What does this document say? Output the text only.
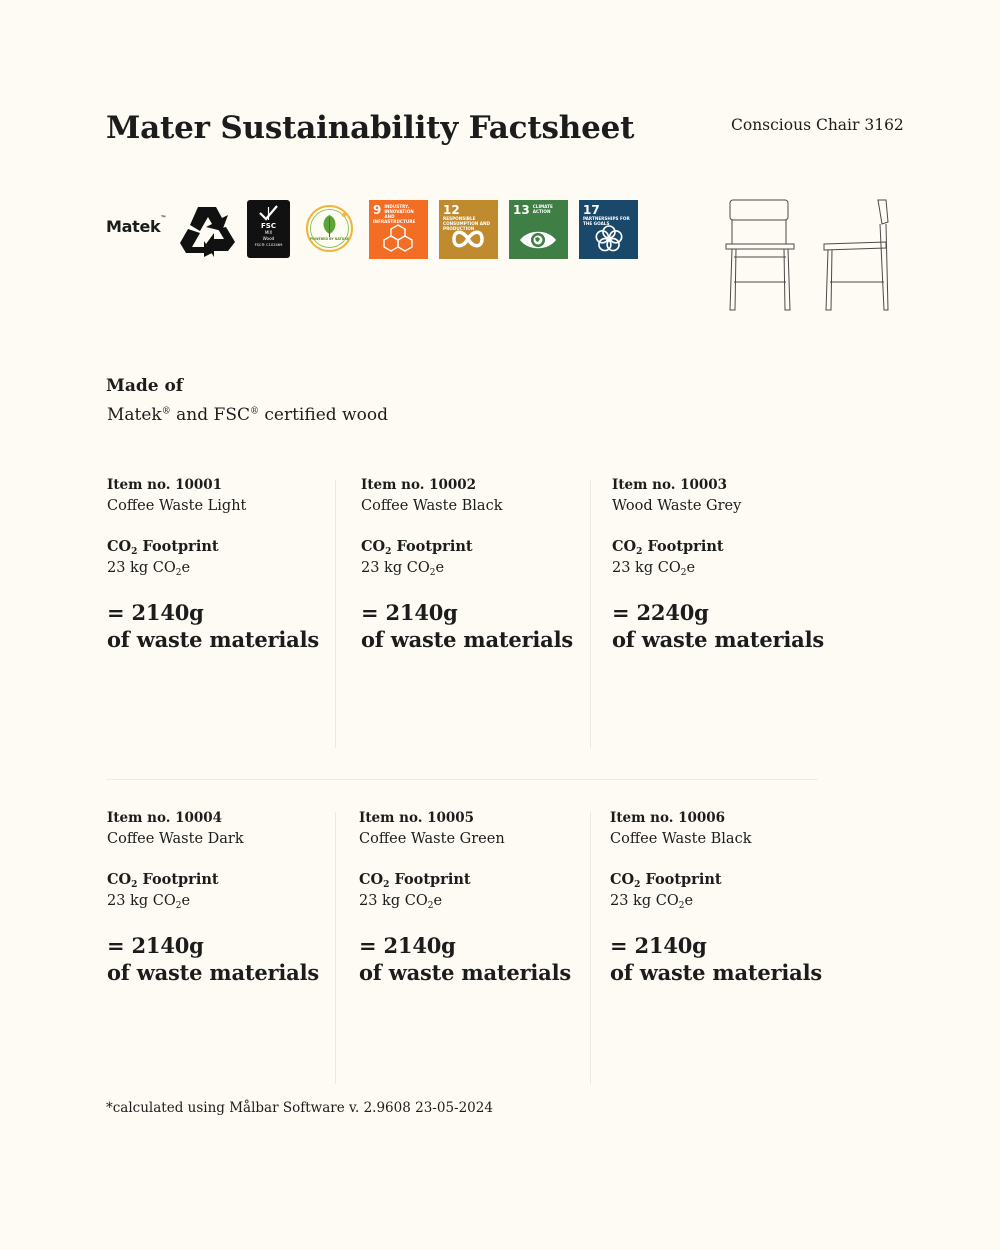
Mater Sustainability Factsheet	Conscious Chair 3162
Matek™
FSC
MIX
Wood
FSC® C102469
POWERED BY NATURE
9 INDUSTRY, INNOVATION AND INFRASTRUCTURE
12
RESPONSIBLE CONSUMPTION AND PRODUCTION
13 CLIMATE ACTION	17
PARTNERSHIPS FOR THE GOALS
Made of
Matek® and FSC® certified wood
Item no. 10001
Coffee Waste Light
$CO_2$ Footprint
23 kg $CO_2e$
= 2140g
of waste materials
Item no. 10002
Coffee Waste Black
$CO_2$ Footprint
23 kg $CO_2e$
= 2140g
of waste materials
Item no. 10003
Wood Waste Grey
$CO_2$ Footprint
23 kg $CO_2e$
= 2240g
of waste materials
Item no. 10004
Coffee Waste Dark
$CO_2$ Footprint
23 kg $CO_2e$
= 2140g
of waste materials
Item no. 10005
Coffee Waste Green
$CO_2$ Footprint
23 kg $CO_2e$
= 2140g
of waste materials
Item no. 10006
Coffee Waste Black
$CO_2$ Footprint
23 kg $CO_2e$
= 2140g
of waste materials
*calculated using Målbar Software v. 2.9608 23-05-2024
